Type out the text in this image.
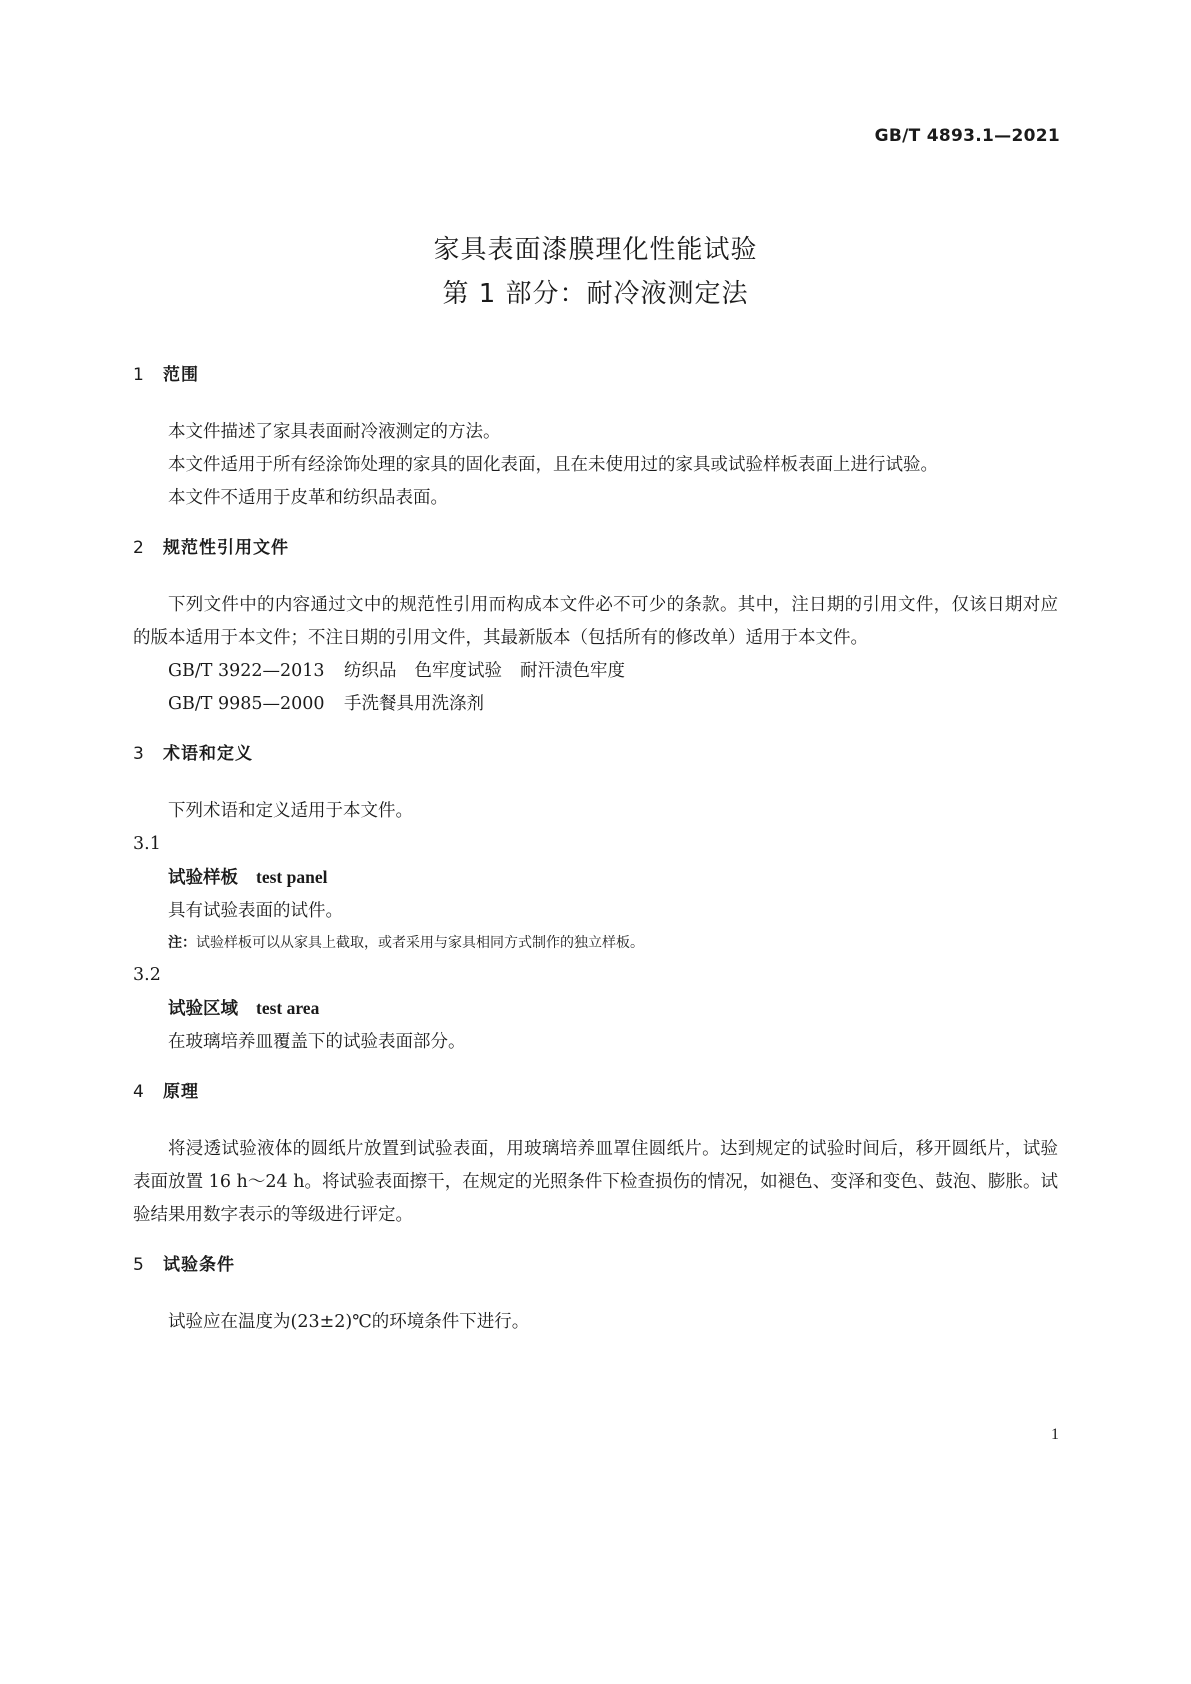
GB/T 4893.1—2021
家具表面漆膜理化性能试验
第 1 部分：耐冷液测定法
1 范围

本文件描述了家具表面耐冷液测定的方法。

本文件适用于所有经涂饰处理的家具的固化表面，且在未使用过的家具或试验样板表面上进行试验。

本文件不适用于皮革和纺织品表面。

2 规范性引用文件

下列文件中的内容通过文中的规范性引用而构成本文件必不可少的条款。其中，注日期的引用文件，仅该日期对应的版本适用于本文件；不注日期的引用文件，其最新版本（包括所有的修改单）适用于本文件。

GB/T 3922—2013 纺织品 色牢度试验 耐汗渍色牢度
GB/T 9985—2000 手洗餐具用洗涤剂
3 术语和定义

下列术语和定义适用于本文件。

3.1
试验样板 test panel
具有试验表面的试件。
注：试验样板可以从家具上截取，或者采用与家具相同方式制作的独立样板。
3.2
试验区域 test area
在玻璃培养皿覆盖下的试验表面部分。
4 原理

将浸透试验液体的圆纸片放置到试验表面，用玻璃培养皿罩住圆纸片。达到规定的试验时间后，移开圆纸片，试验表面放置 16 h～24 h。将试验表面擦干，在规定的光照条件下检查损伤的情况，如褪色、变泽和变色、鼓泡、膨胀。试验结果用数字表示的等级进行评定。

5 试验条件

试验应在温度为(23±2)℃的环境条件下进行。

1
